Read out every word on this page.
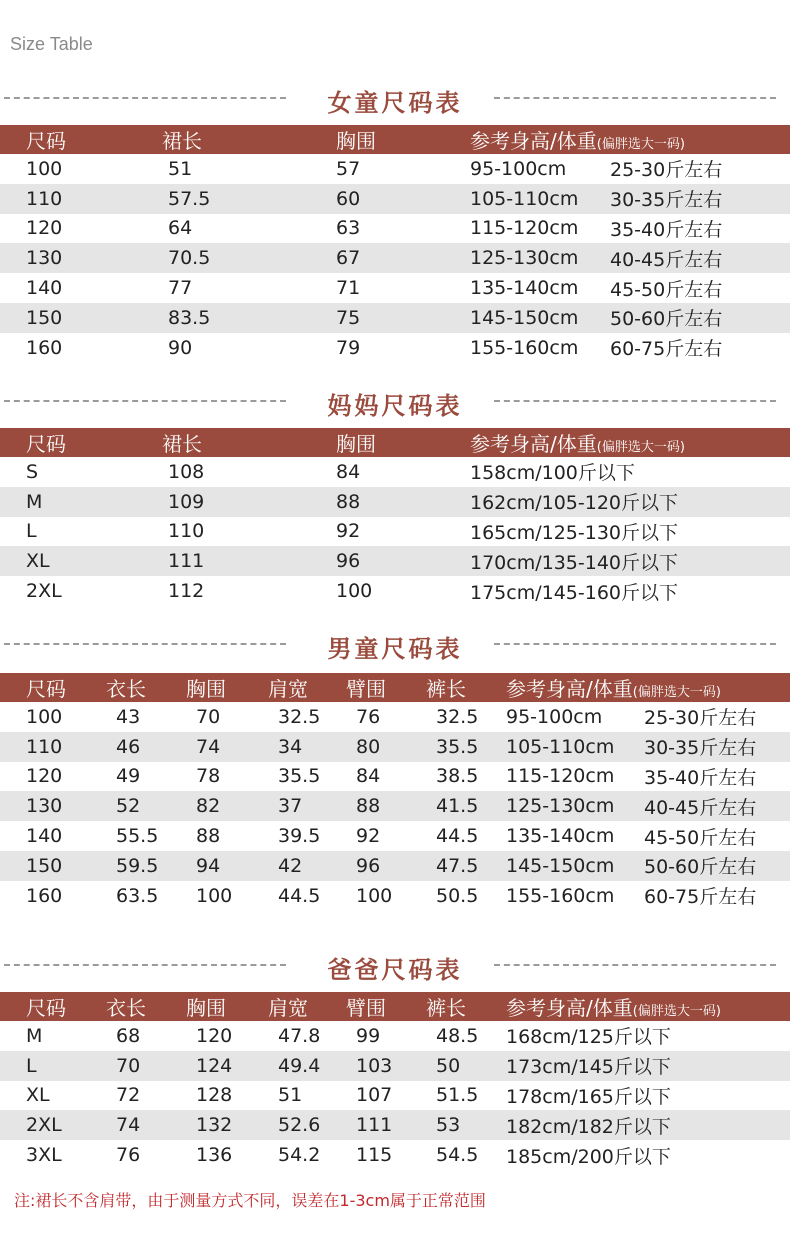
Size Table
女童尺码表
	尺码	裙长	胸围	参考身高/体重(偏胖选大一码)	
	100	51	57	95-100cm	25-30斤左右
	110	57.5	60	105-110cm	30-35斤左右
	120	64	63	115-120cm	35-40斤左右
	130	70.5	67	125-130cm	40-45斤左右
	140	77	71	135-140cm	45-50斤左右
	150	83.5	75	145-150cm	50-60斤左右
	160	90	79	155-160cm	60-75斤左右
妈妈尺码表
	尺码	裙长	胸围	参考身高/体重(偏胖选大一码)
	S	108	84	158cm/100斤以下
	M	109	88	162cm/105-120斤以下
	L	110	92	165cm/125-130斤以下
	XL	111	96	170cm/135-140斤以下
	2XL	112	100	175cm/145-160斤以下
男童尺码表
	尺码	衣长	胸围	肩宽	臂围	裤长	参考身高/体重(偏胖选大一码)	
	100	43	70	32.5	76	32.5	95-100cm	25-30斤左右
	110	46	74	34	80	35.5	105-110cm	30-35斤左右
	120	49	78	35.5	84	38.5	115-120cm	35-40斤左右
	130	52	82	37	88	41.5	125-130cm	40-45斤左右
	140	55.5	88	39.5	92	44.5	135-140cm	45-50斤左右
	150	59.5	94	42	96	47.5	145-150cm	50-60斤左右
	160	63.5	100	44.5	100	50.5	155-160cm	60-75斤左右
爸爸尺码表
	尺码	衣长	胸围	肩宽	臂围	裤长	参考身高/体重(偏胖选大一码)
	M	68	120	47.8	99	48.5	168cm/125斤以下
	L	70	124	49.4	103	50	173cm/145斤以下
	XL	72	128	51	107	51.5	178cm/165斤以下
	2XL	74	132	52.6	111	53	182cm/182斤以下
	3XL	76	136	54.2	115	54.5	185cm/200斤以下
注:裙长不含肩带，由于测量方式不同，误差在1-3cm属于正常范围
